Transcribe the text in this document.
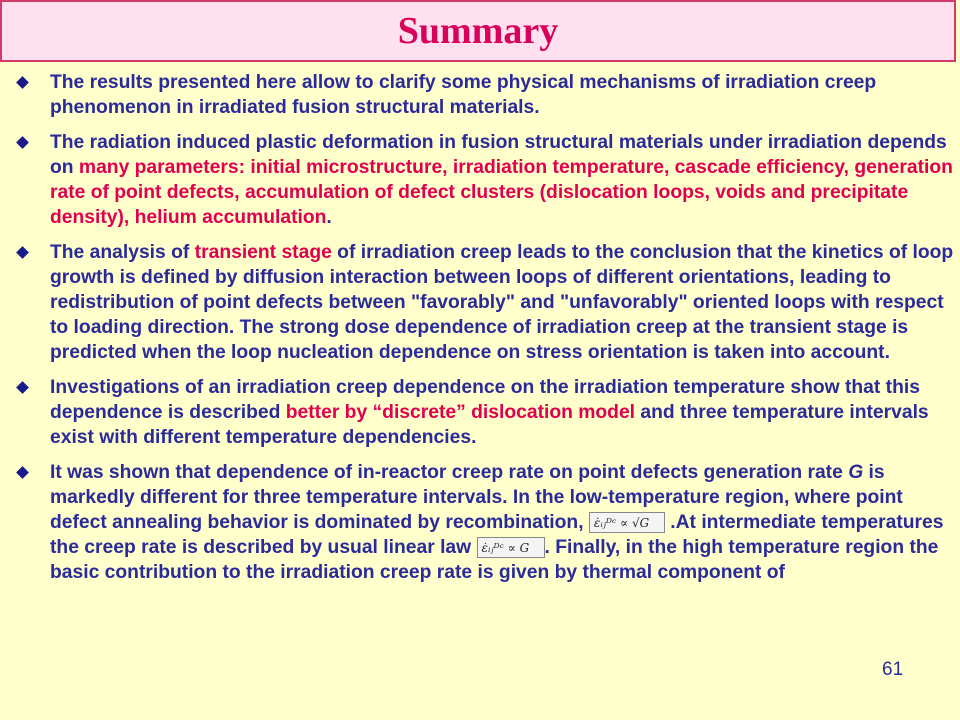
Summary
The results presented here allow to clarify some physical mechanisms of irradiation creep phenomenon in irradiated fusion structural materials.
The radiation induced plastic deformation in fusion structural materials under irradiation depends on many parameters: initial microstructure, irradiation temperature, cascade efficiency, generation rate of point defects, accumulation of defect clusters (dislocation loops, voids and precipitate density), helium accumulation.
The analysis of transient stage of irradiation creep leads to the conclusion that the kinetics of loop growth is defined by diffusion interaction between loops of different orientations, leading to redistribution of point defects between "favorably" and "unfavorably" oriented loops with respect to loading direction. The strong dose dependence of irradiation creep at the transient stage is predicted when the loop nucleation dependence on stress orientation is taken into account.
Investigations of an irradiation creep dependence on the irradiation temperature show that this dependence is described better by “discrete” dislocation model and three temperature intervals exist with different temperature dependencies.
It was shown that dependence of in-reactor creep rate on point defects generation rate G is markedly different for three temperature intervals. In the low-temperature region, where point defect annealing behavior is dominated by recombination, ε̇ᵢⱼᴰᶜ ∝ √G .At intermediate temperatures the creep rate is described by usual linear law ε̇ᵢⱼᴰᶜ ∝ G . Finally, in the high temperature region the basic contribution to the irradiation creep rate is given by thermal component of
61
